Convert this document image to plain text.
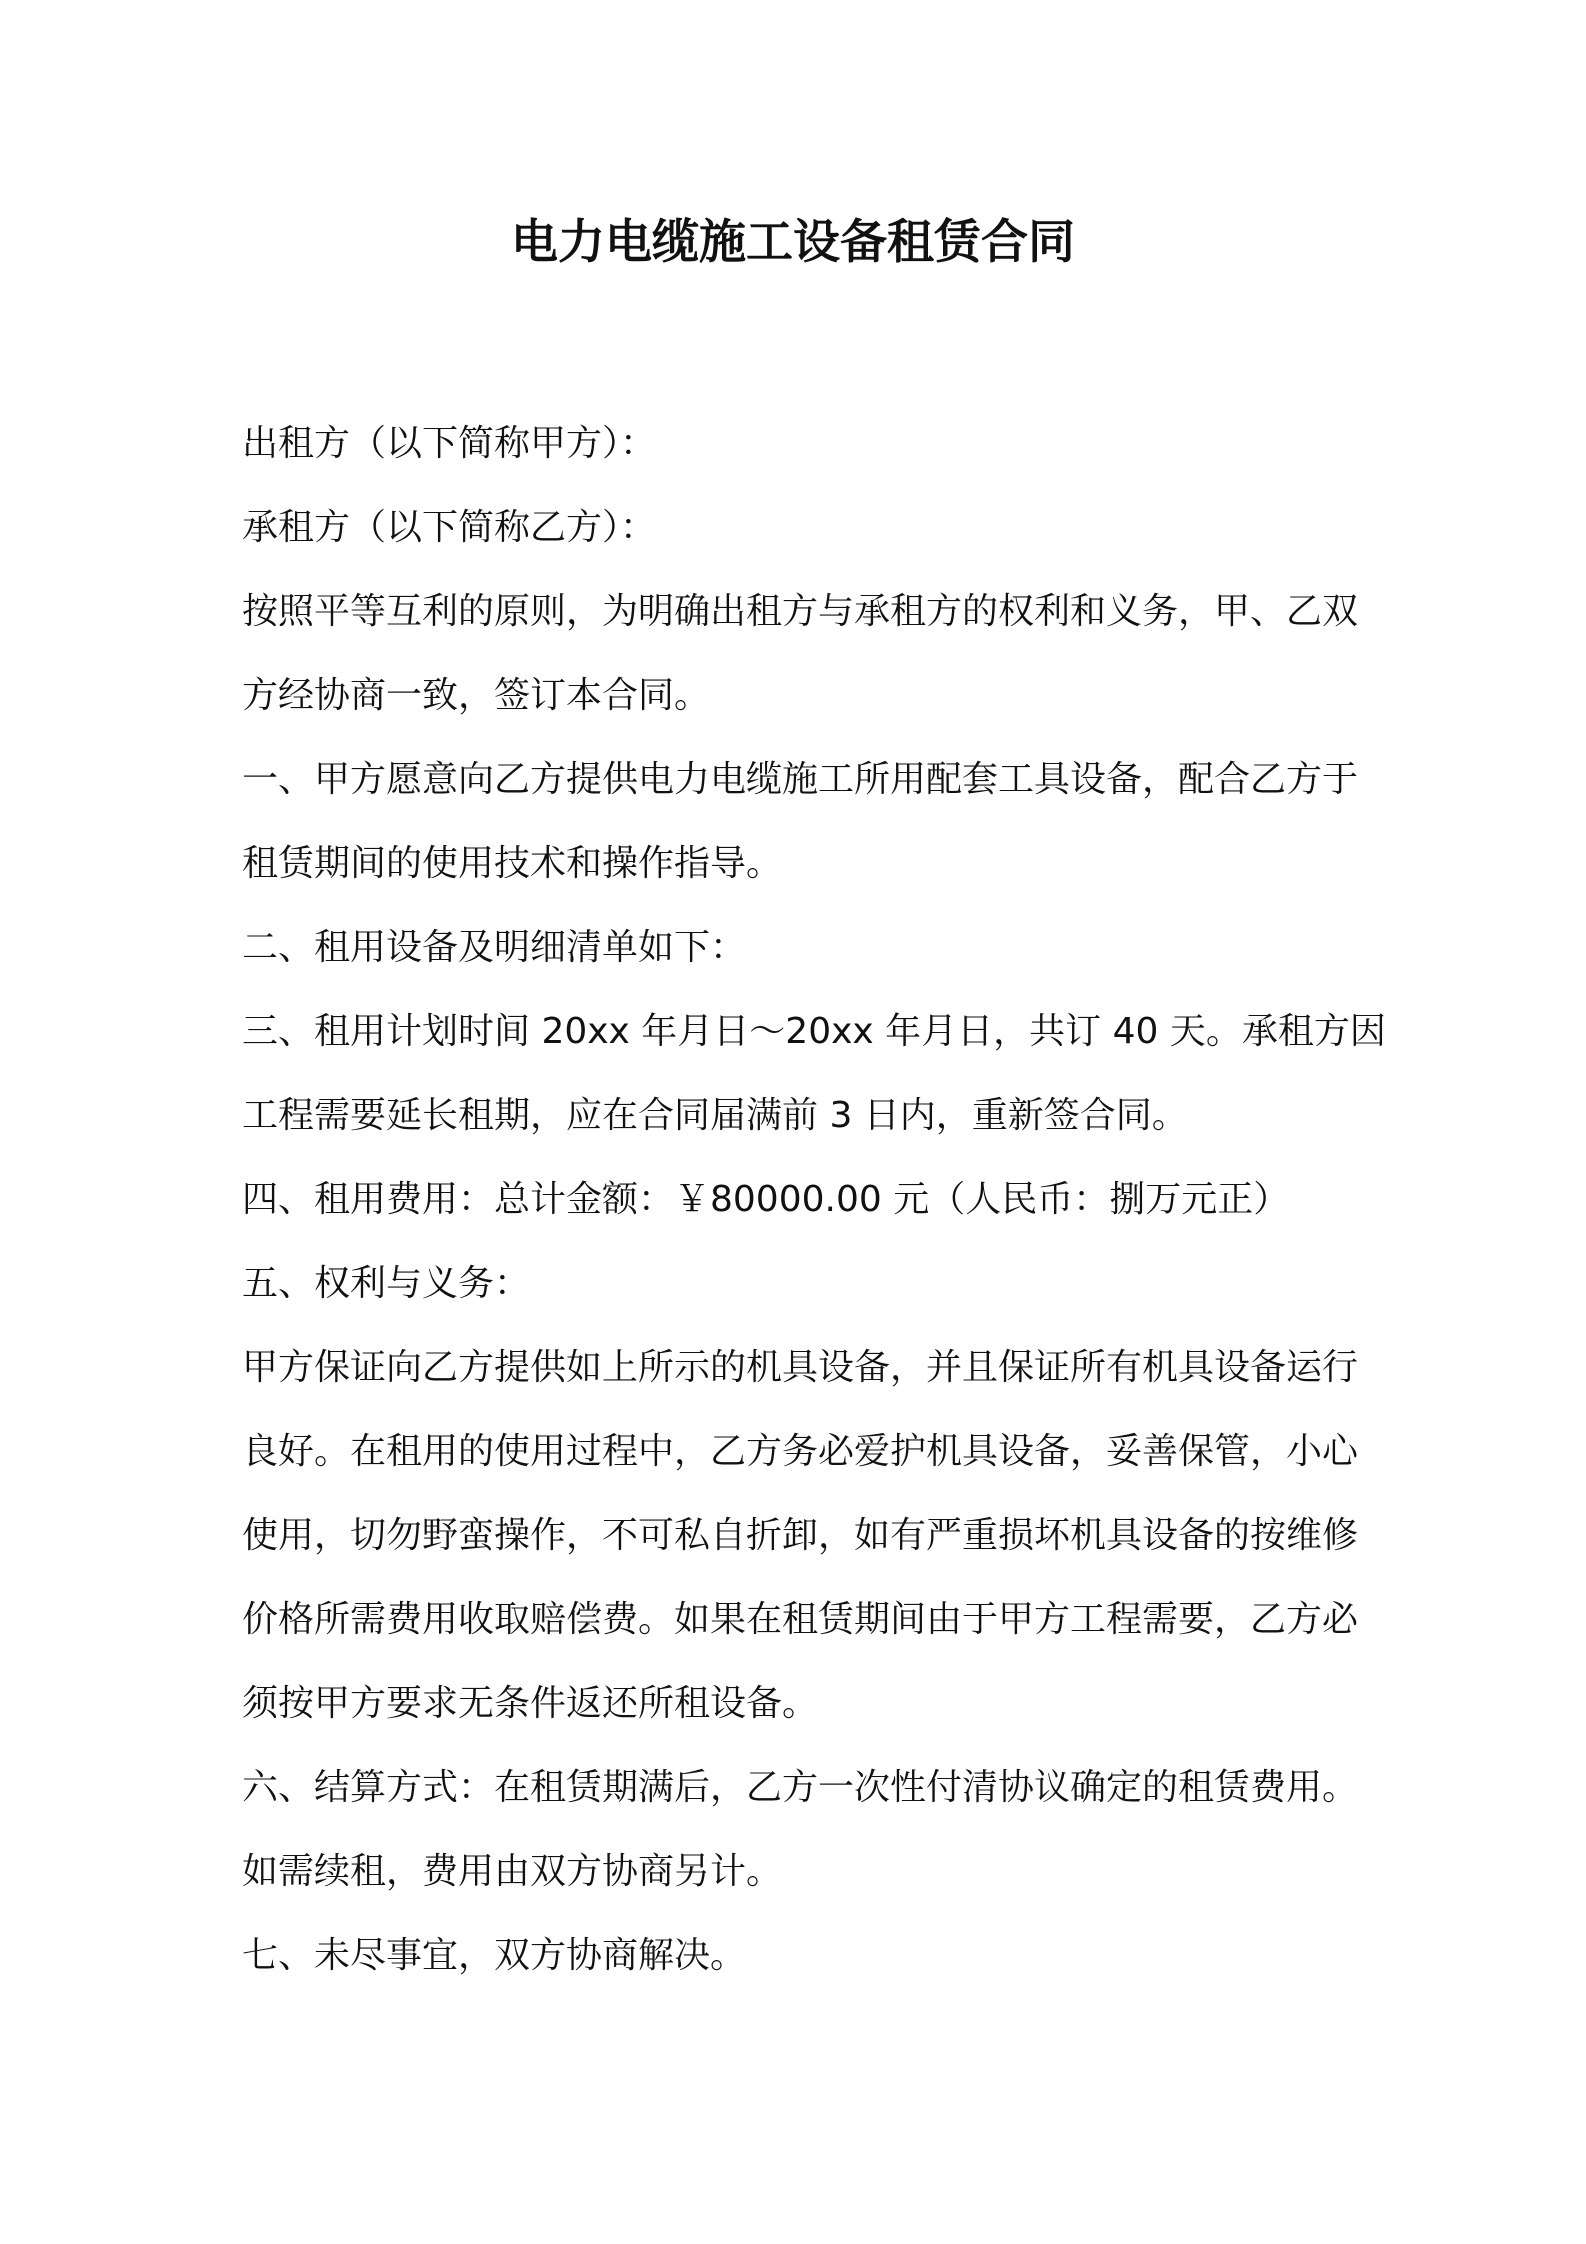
电力电缆施工设备租赁合同

出租方（以下简称甲方）：

承租方（以下简称乙方）：

按照平等互利的原则，为明确出租方与承租方的权利和义务，甲、乙双方经协商一致，签订本合同。

一、甲方愿意向乙方提供电力电缆施工所用配套工具设备，配合乙方于租赁期间的使用技术和操作指导。

二、租用设备及明细清单如下：

三、租用计划时间 20xx 年月日～20xx 年月日，共订 40 天。承租方因工程需要延长租期，应在合同届满前 3 日内，重新签合同。

四、租用费用：总计金额：￥80000.00 元（人民币：捌万元正）

五、权利与义务：

甲方保证向乙方提供如上所示的机具设备，并且保证所有机具设备运行良好。在租用的使用过程中，乙方务必爱护机具设备，妥善保管，小心使用，切勿野蛮操作，不可私自折卸，如有严重损坏机具设备的按维修价格所需费用收取赔偿费。如果在租赁期间由于甲方工程需要，乙方必须按甲方要求无条件返还所租设备。

六、结算方式：在租赁期满后，乙方一次性付清协议确定的租赁费用。如需续租，费用由双方协商另计。

七、未尽事宜，双方协商解决。
